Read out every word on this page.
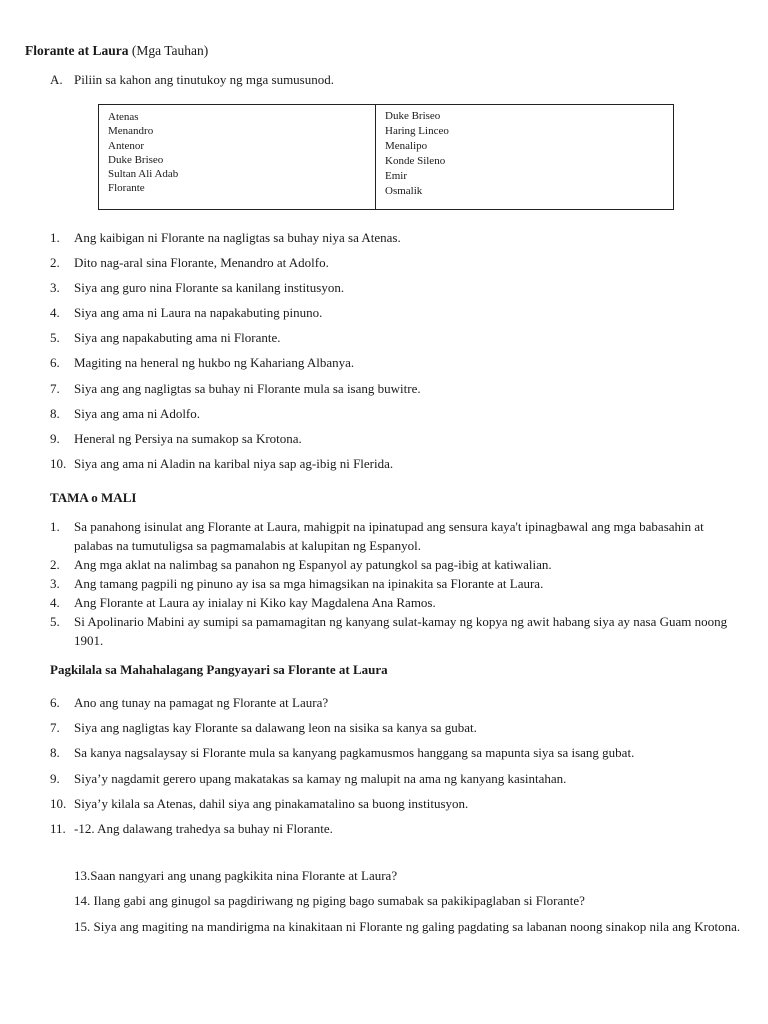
Florante at Laura (Mga Tauhan)
A. Piliin sa kahon ang tinutukoy ng mga sumusunod.
Atenas
Menandro
Antenor
Duke Briseo
Sultan Ali Adab
Florante
Duke Briseo
Haring Linceo
Menalipo
Konde Sileno
Emir
Osmalik
1. Ang kaibigan ni Florante na nagligtas sa buhay niya sa Atenas.
2. Dito nag-aral sina Florante, Menandro at Adolfo.
3. Siya ang guro nina Florante sa kanilang institusyon.
4. Siya ang ama ni Laura na napakabuting pinuno.
5. Siya ang napakabuting ama ni Florante.
6. Magiting na heneral ng hukbo ng Kahariang Albanya.
7. Siya ang ang nagligtas sa buhay ni Florante mula sa isang buwitre.
8. Siya ang ama ni Adolfo.
9. Heneral ng Persiya na sumakop sa Krotona.
10. Siya ang ama ni Aladin na karibal niya sap ag-ibig ni Flerida.
TAMA o MALI
1. Sa panahong isinulat ang Florante at Laura, mahigpit na ipinatupad ang sensura kaya't ipinagbawal ang mga babasahin at palabas na tumutuligsa sa pagmamalabis at kalupitan ng Espanyol.
2. Ang mga aklat na nalimbag sa panahon ng Espanyol ay patungkol sa pag-ibig at katiwalian.
3. Ang tamang pagpili ng pinuno ay isa sa mga himagsikan na ipinakita sa Florante at Laura.
4. Ang Florante at Laura ay inialay ni Kiko kay Magdalena Ana Ramos.
5. Si Apolinario Mabini ay sumipi sa pamamagitan ng kanyang sulat-kamay ng kopya ng awit habang siya ay nasa Guam noong 1901.
Pagkilala sa Mahahalagang Pangyayari sa Florante at Laura
6. Ano ang tunay na pamagat ng Florante at Laura?
7. Siya ang nagligtas kay Florante sa dalawang leon na sisika sa kanya sa gubat.
8. Sa kanya nagsalaysay si Florante mula sa kanyang pagkamusmos hanggang sa mapunta siya sa isang gubat.
9. Siya’y nagdamit gerero upang makatakas sa kamay ng malupit na ama ng kanyang kasintahan.
10. Siya’y kilala sa Atenas, dahil siya ang pinakamatalino sa buong institusyon.
11. -12. Ang dalawang trahedya sa buhay ni Florante.
13.Saan nangyari ang unang pagkikita nina Florante at Laura?
14. Ilang gabi ang ginugol sa pagdiriwang ng piging bago sumabak sa pakikipaglaban si Florante?
15. Siya ang magiting na mandirigma na kinakitaan ni Florante ng galing pagdating sa labanan noong sinakop nila ang Krotona.
